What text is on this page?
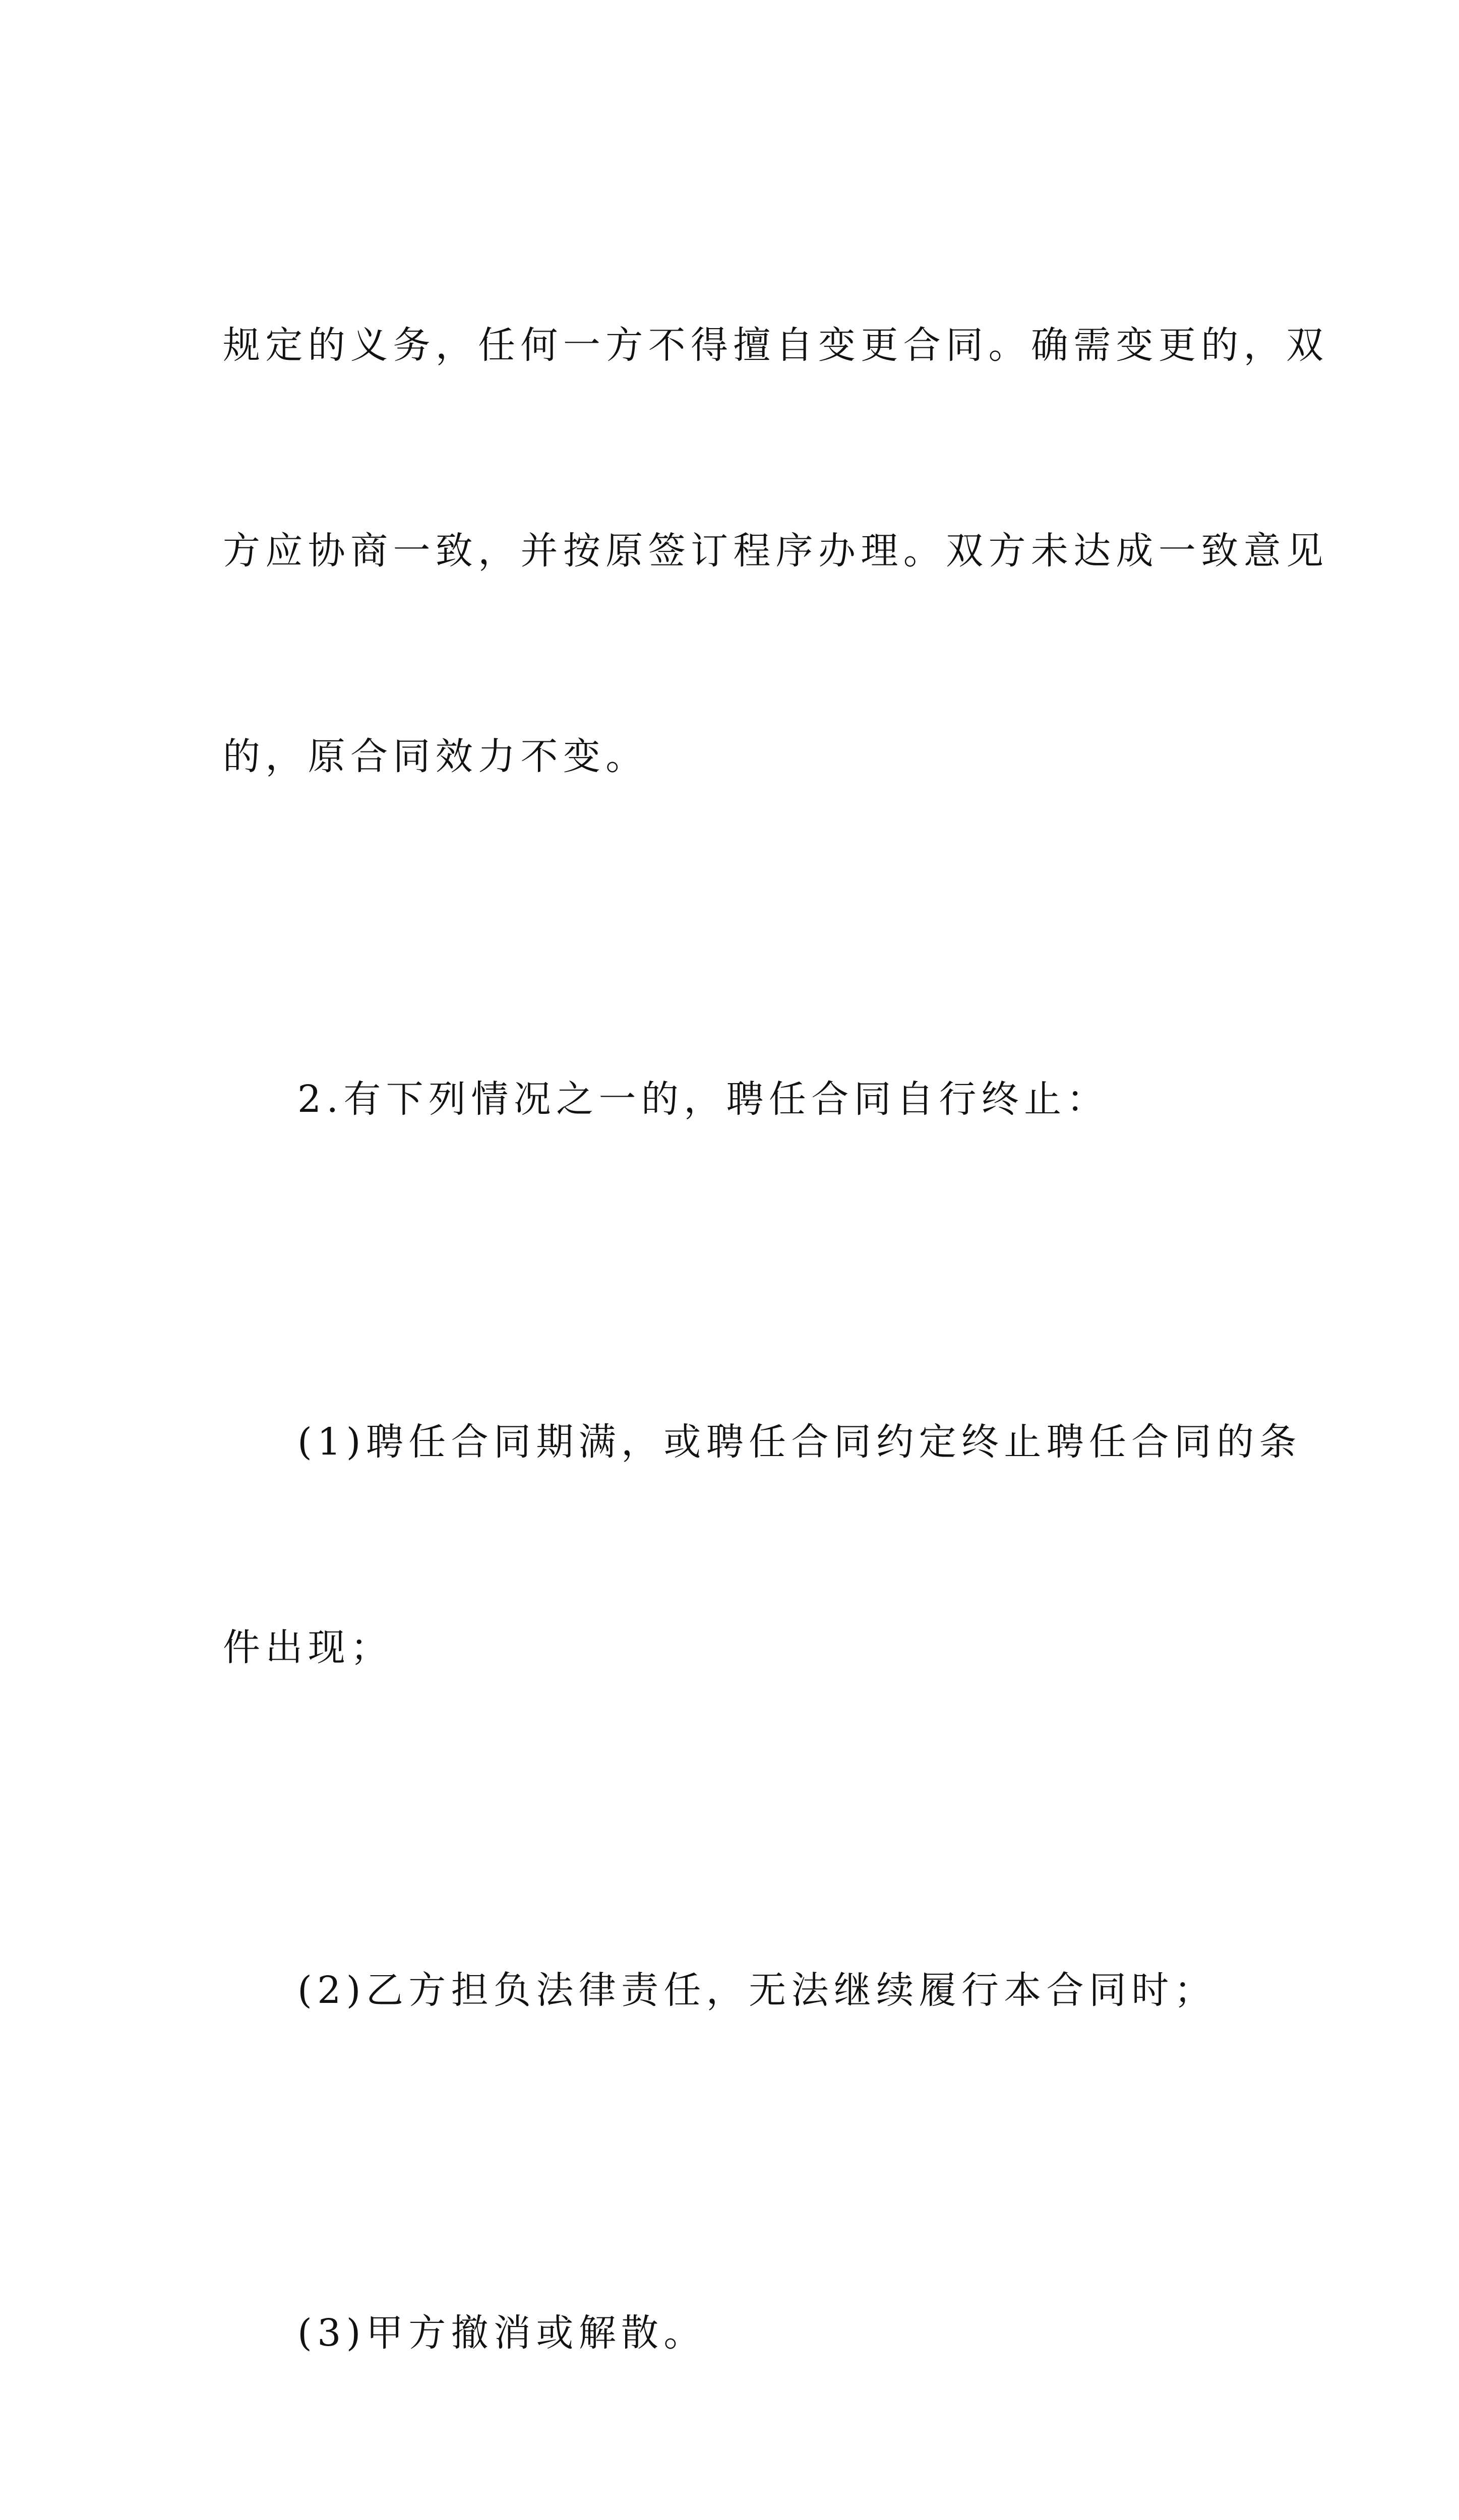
规定的义务，任何一方不得擅自变更合同。确需变更的，双

方应协商一致，并按原签订程序办理。双方未达成一致意见

的，原合同效力不变。

2.有下列情况之一的，聘任合同自行终止：

(1)聘任合同期满，或聘任合同约定终止聘任合同的条

件出现；

(2)乙方担负法律责任，无法继续履行本合同时；

(3)甲方撤消或解散。
